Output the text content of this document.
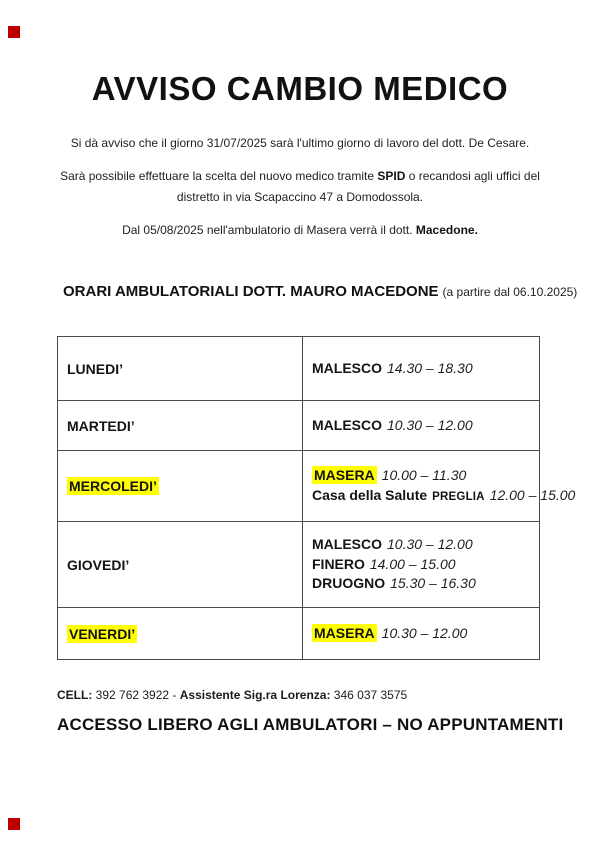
AVVISO CAMBIO MEDICO

Si dà avviso che il giorno 31/07/2025 sarà l'ultimo giorno di lavoro del dott. De Cesare.

Sarà possibile effettuare la scelta del nuovo medico tramite SPID o recandosi agli uffici del distretto in via Scapaccino 47 a Domodossola.

Dal 05/08/2025 nell'ambulatorio di Masera verrà il dott. Macedone.

ORARI AMBULATORIALI DOTT. MAURO MACEDONE (a partire dal 06.10.2025)
LUNEDI’	MALESCO 14.30 – 18.30

MARTEDI’	MALESCO 10.30 – 12.00

MERCOLEDI’	MASERA 10.00 – 11.30
Casa della Salute PREGLIA 12.00 – 15.00

GIOVEDI’	MALESCO 10.30 – 12.00
FINERO 14.00 – 15.00
DRUOGNO 15.30 – 16.30

VENERDI’	MASERA 10.30 – 12.00

CELL: 392 762 3922 - Assistente Sig.ra Lorenza: 346 037 3575

ACCESSO LIBERO AGLI AMBULATORI – NO APPUNTAMENTI
